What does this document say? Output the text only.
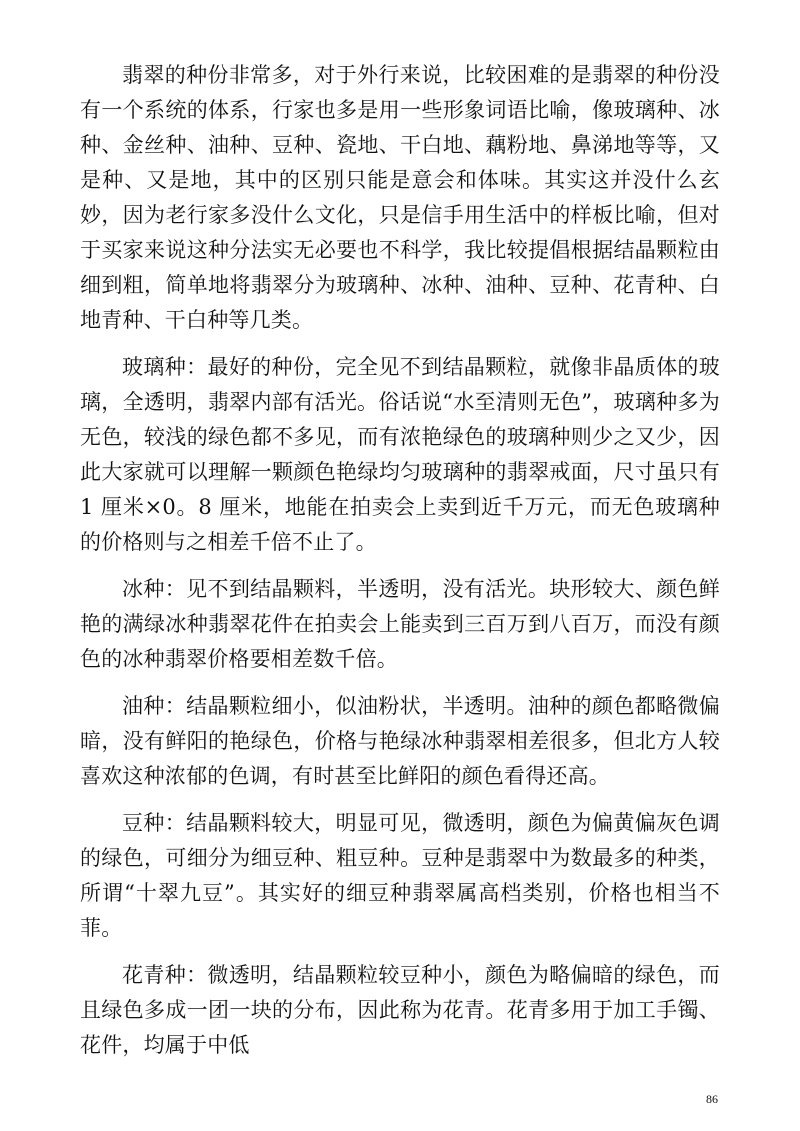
翡翠的种份非常多，对于外行来说，比较困难的是翡翠的种份没有一个系统的体系，行家也多是用一些形象词语比喻，像玻璃种、冰种、金丝种、油种、豆种、瓷地、干白地、藕粉地、鼻涕地等等，又是种、又是地，其中的区别只能是意会和体味。其实这并没什么玄妙，因为老行家多没什么文化，只是信手用生活中的样板比喻，但对于买家来说这种分法实无必要也不科学，我比较提倡根据结晶颗粒由细到粗，简单地将翡翠分为玻璃种、冰种、油种、豆种、花青种、白地青种、干白种等几类。

玻璃种：最好的种份，完全见不到结晶颗粒，就像非晶质体的玻璃，全透明，翡翠内部有活光。俗话说“水至清则无色”，玻璃种多为无色，较浅的绿色都不多见，而有浓艳绿色的玻璃种则少之又少，因此大家就可以理解一颗颜色艳绿均匀玻璃种的翡翠戒面，尺寸虽只有 1 厘米×0。8 厘米，地能在拍卖会上卖到近千万元，而无色玻璃种的价格则与之相差千倍不止了。

冰种：见不到结晶颗料，半透明，没有活光。块形较大、颜色鲜艳的满绿冰种翡翠花件在拍卖会上能卖到三百万到八百万，而没有颜色的冰种翡翠价格要相差数千倍。

油种：结晶颗粒细小，似油粉状，半透明。油种的颜色都略微偏暗，没有鲜阳的艳绿色，价格与艳绿冰种翡翠相差很多，但北方人较喜欢这种浓郁的色调，有时甚至比鲜阳的颜色看得还高。

豆种：结晶颗料较大，明显可见，微透明，颜色为偏黄偏灰色调的绿色，可细分为细豆种、粗豆种。豆种是翡翠中为数最多的种类，所谓“十翠九豆”。其实好的细豆种翡翠属高档类别，价格也相当不菲。

花青种：微透明，结晶颗粒较豆种小，颜色为略偏暗的绿色，而且绿色多成一团一块的分布，因此称为花青。花青多用于加工手镯、花件，均属于中低

86
